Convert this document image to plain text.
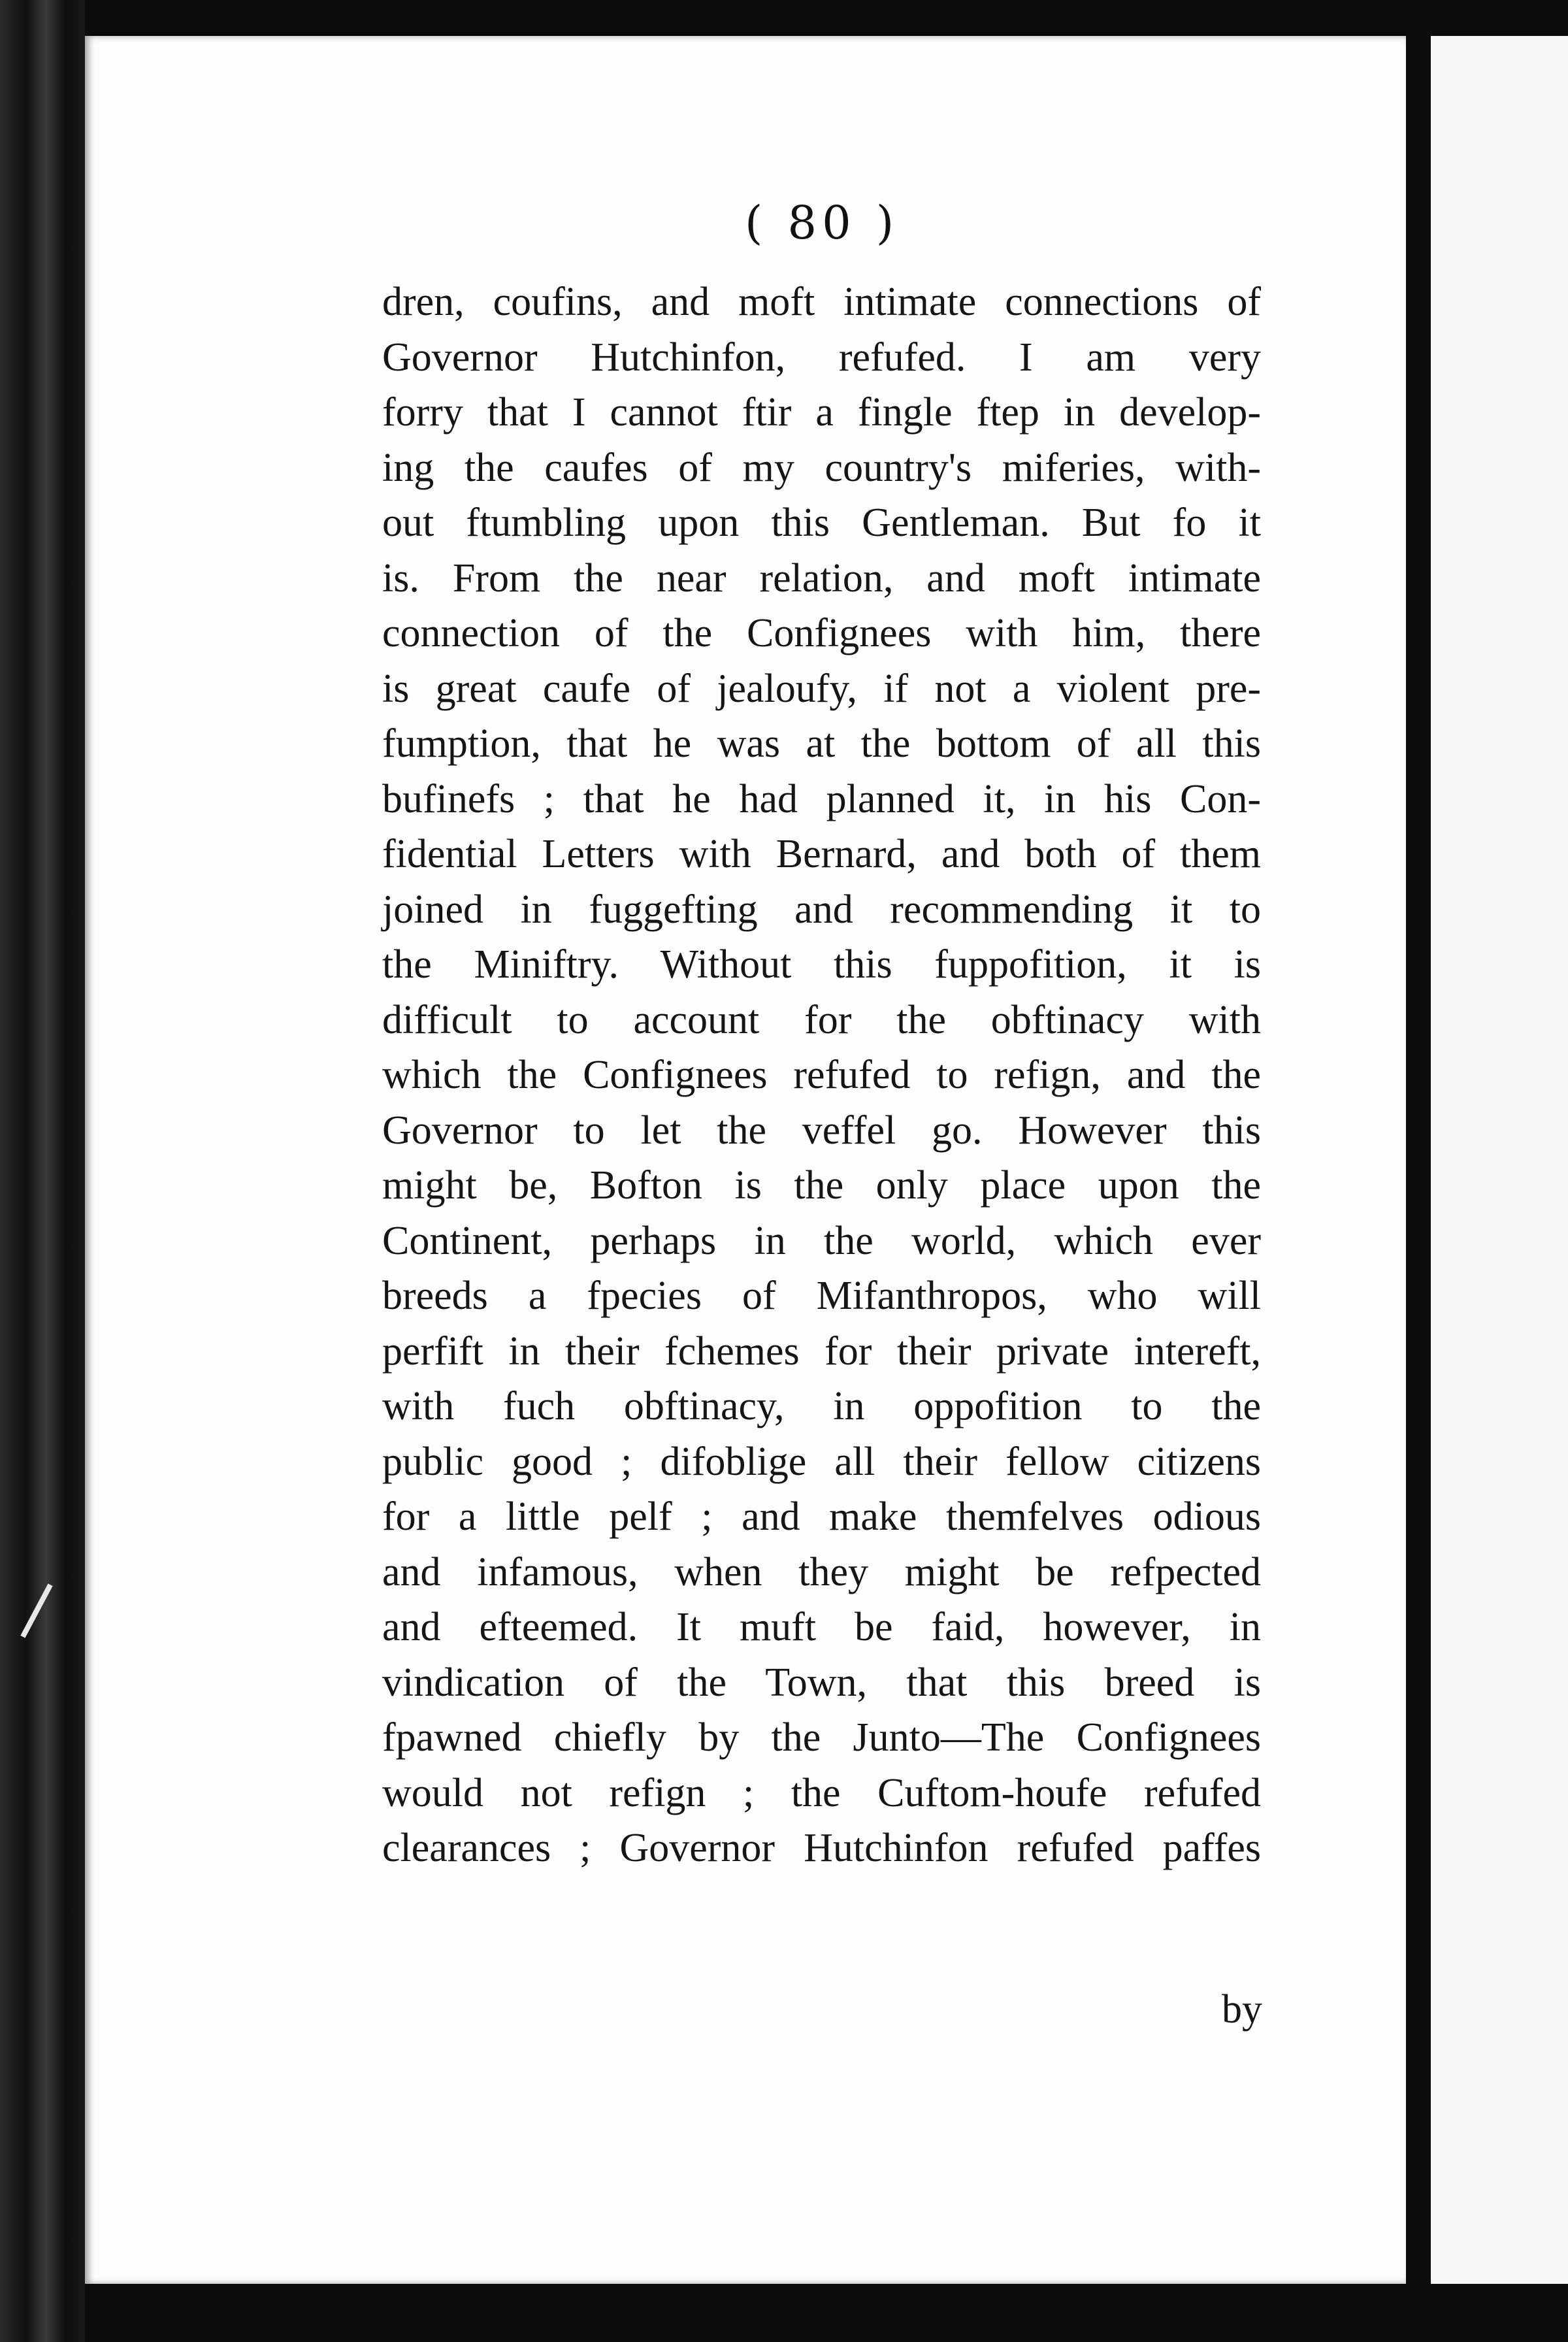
( 80 )
dren, coufins, and moft intimate connections of
Governor Hutchinfon, refufed. I am very
forry that I cannot ftir a fingle ftep in develop-
ing the caufes of my country's miferies, with-
out ftumbling upon this Gentleman. But fo it
is. From the near relation, and moft intimate
connection of the Confignees with him, there
is great caufe of jealoufy, if not a violent pre-
fumption, that he was at the bottom of all this
bufinefs ; that he had planned it, in his Con-
fidential Letters with Bernard, and both of them
joined in fuggefting and recommending it to
the Miniftry. Without this fuppofition, it is
difficult to account for the obftinacy with
which the Confignees refufed to refign, and the
Governor to let the veffel go. However this
might be, Bofton is the only place upon the
Continent, perhaps in the world, which ever
breeds a fpecies of Mifanthropos, who will
perfift in their fchemes for their private intereft,
with fuch obftinacy, in oppofition to the
public good ; difoblige all their fellow citizens
for a little pelf ; and make themfelves odious
and infamous, when they might be refpected
and efteemed. It muft be faid, however, in
vindication of the Town, that this breed is
fpawned chiefly by the Junto—The Confignees
would not refign ; the Cuftom-houfe refufed
clearances ; Governor Hutchinfon refufed paffes
by
